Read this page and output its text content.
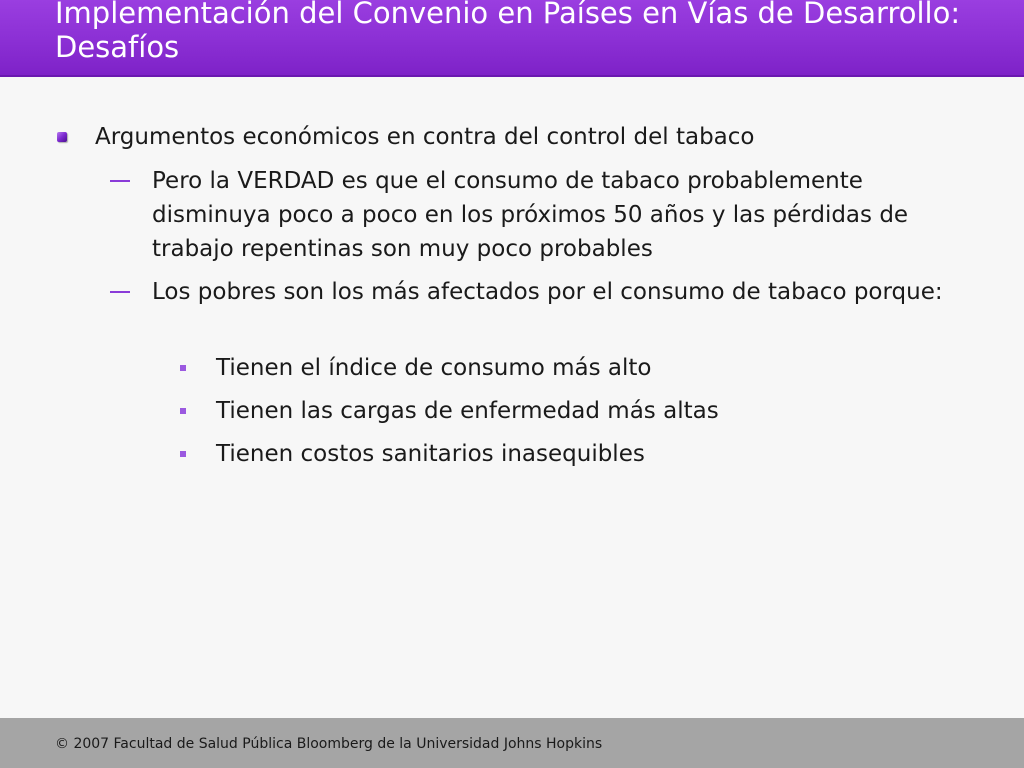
Implementación del Convenio en Países en Vías de Desarrollo: Desafíos
Argumentos económicos en contra del control del tabaco
Pero la VERDAD es que el consumo de tabaco probablemente disminuya poco a poco en los próximos 50 años y las pérdidas de trabajo repentinas son muy poco probables
Los pobres son los más afectados por el consumo de tabaco porque:
Tienen el índice de consumo más alto
Tienen las cargas de enfermedad más altas
Tienen costos sanitarios inasequibles
© 2007 Facultad de Salud Pública Bloomberg de la Universidad Johns Hopkins
